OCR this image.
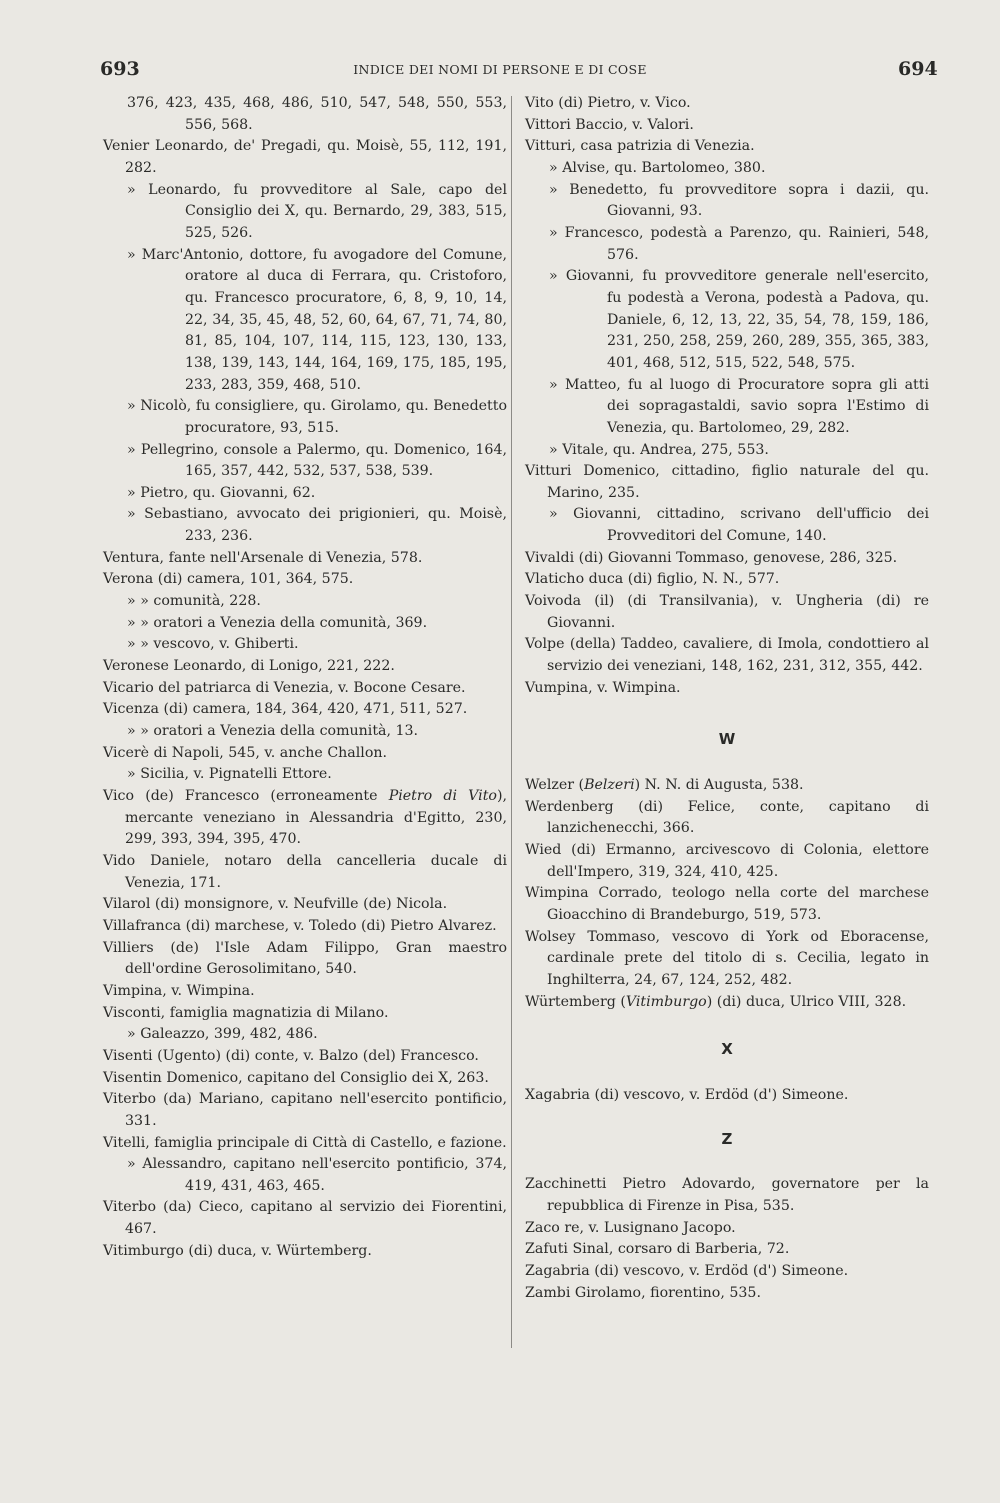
693	INDICE DEI NOMI DI PERSONE E DI COSE	694

376, 423, 435, 468, 486, 510, 547, 548, 550, 553, 556, 568.

Venier Leonardo, de' Pregadi, qu. Moisè, 55, 112, 191, 282.

» Leonardo, fu provveditore al Sale, capo del Consiglio dei X, qu. Bernardo, 29, 383, 515, 525, 526.

» Marc'Antonio, dottore, fu avogadore del Comune, oratore al duca di Ferrara, qu. Cristoforo, qu. Francesco procuratore, 6, 8, 9, 10, 14, 22, 34, 35, 45, 48, 52, 60, 64, 67, 71, 74, 80, 81, 85, 104, 107, 114, 115, 123, 130, 133, 138, 139, 143, 144, 164, 169, 175, 185, 195, 233, 283, 359, 468, 510.

» Nicolò, fu consigliere, qu. Girolamo, qu. Benedetto procuratore, 93, 515.

» Pellegrino, console a Palermo, qu. Domenico, 164, 165, 357, 442, 532, 537, 538, 539.

» Pietro, qu. Giovanni, 62.

» Sebastiano, avvocato dei prigionieri, qu. Moisè, 233, 236.

Ventura, fante nell'Arsenale di Venezia, 578.

Verona (di) camera, 101, 364, 575.

» » comunità, 228.

» » oratori a Venezia della comunità, 369.

» » vescovo, v. Ghiberti.

Veronese Leonardo, di Lonigo, 221, 222.

Vicario del patriarca di Venezia, v. Bocone Cesare.

Vicenza (di) camera, 184, 364, 420, 471, 511, 527.

» » oratori a Venezia della comunità, 13.

Vicerè di Napoli, 545, v. anche Challon.

» Sicilia, v. Pignatelli Ettore.

Vico (de) Francesco (erroneamente Pietro di Vito), mercante veneziano in Alessandria d'Egitto, 230, 299, 393, 394, 395, 470.

Vido Daniele, notaro della cancelleria ducale di Venezia, 171.

Vilarol (di) monsignore, v. Neufville (de) Nicola.

Villafranca (di) marchese, v. Toledo (di) Pietro Alvarez.

Villiers (de) l'Isle Adam Filippo, Gran maestro dell'ordine Gerosolimitano, 540.

Vimpina, v. Wimpina.

Visconti, famiglia magnatizia di Milano.

» Galeazzo, 399, 482, 486.

Visenti (Ugento) (di) conte, v. Balzo (del) Francesco.

Visentin Domenico, capitano del Consiglio dei X, 263.

Viterbo (da) Mariano, capitano nell'esercito pontificio, 331.

Vitelli, famiglia principale di Città di Castello, e fazione.

» Alessandro, capitano nell'esercito pontificio, 374, 419, 431, 463, 465.

Viterbo (da) Cieco, capitano al servizio dei Fiorentini, 467.

Vitimburgo (di) duca, v. Würtemberg.

Vito (di) Pietro, v. Vico.

Vittori Baccio, v. Valori.

Vitturi, casa patrizia di Venezia.

» Alvise, qu. Bartolomeo, 380.

» Benedetto, fu provveditore sopra i dazii, qu. Giovanni, 93.

» Francesco, podestà a Parenzo, qu. Rainieri, 548, 576.

» Giovanni, fu provveditore generale nell'esercito, fu podestà a Verona, podestà a Padova, qu. Daniele, 6, 12, 13, 22, 35, 54, 78, 159, 186, 231, 250, 258, 259, 260, 289, 355, 365, 383, 401, 468, 512, 515, 522, 548, 575.

» Matteo, fu al luogo di Procuratore sopra gli atti dei sopragastaldi, savio sopra l'Estimo di Venezia, qu. Bartolomeo, 29, 282.

» Vitale, qu. Andrea, 275, 553.

Vitturi Domenico, cittadino, figlio naturale del qu. Marino, 235.

» Giovanni, cittadino, scrivano dell'ufficio dei Provveditori del Comune, 140.

Vivaldi (di) Giovanni Tommaso, genovese, 286, 325.

Vlaticho duca (di) figlio, N. N., 577.

Voivoda (il) (di Transilvania), v. Ungheria (di) re Giovanni.

Volpe (della) Taddeo, cavaliere, di Imola, condottiero al servizio dei veneziani, 148, 162, 231, 312, 355, 442.

Vumpina, v. Wimpina.

W

Welzer (Belzeri) N. N. di Augusta, 538.

Werdenberg (di) Felice, conte, capitano di lanzichenecchi, 366.

Wied (di) Ermanno, arcivescovo di Colonia, elettore dell'Impero, 319, 324, 410, 425.

Wimpina Corrado, teologo nella corte del marchese Gioacchino di Brandeburgo, 519, 573.

Wolsey Tommaso, vescovo di York od Eboracense, cardinale prete del titolo di s. Cecilia, legato in Inghilterra, 24, 67, 124, 252, 482.

Würtemberg (Vitimburgo) (di) duca, Ulrico VIII, 328.

X

Xagabria (di) vescovo, v. Erdöd (d') Simeone.

Z

Zacchinetti Pietro Adovardo, governatore per la repubblica di Firenze in Pisa, 535.

Zaco re, v. Lusignano Jacopo.

Zafuti Sinal, corsaro di Barberia, 72.

Zagabria (di) vescovo, v. Erdöd (d') Simeone.

Zambi Girolamo, fiorentino, 535.
